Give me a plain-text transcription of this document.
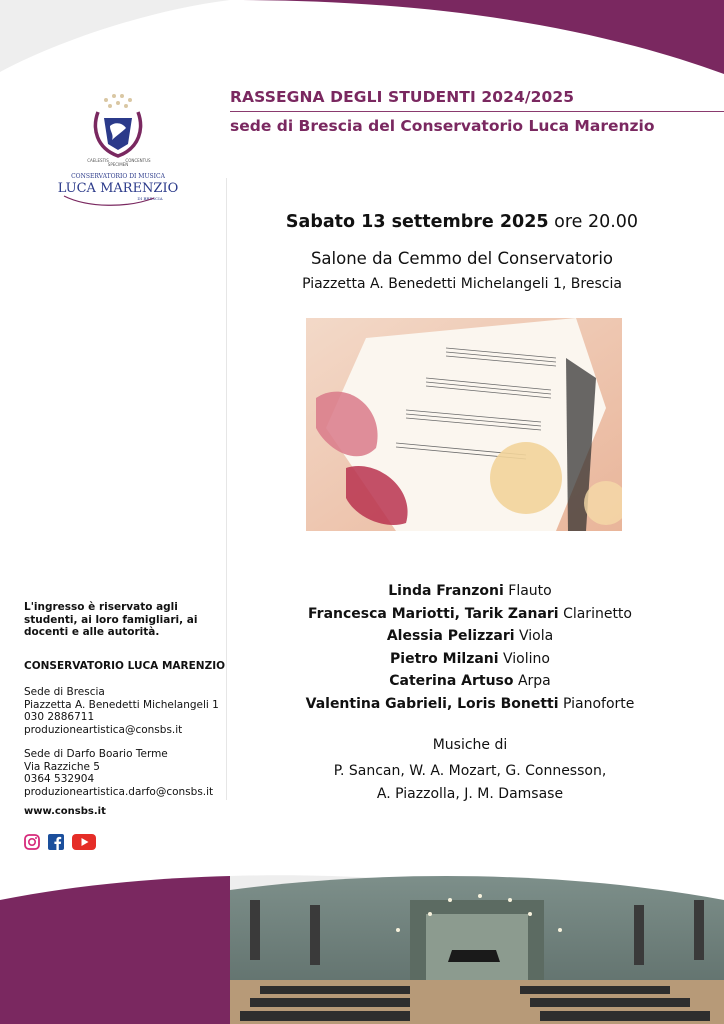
CAELESTIS
SPECIMEN
CONCENTUS
CONSERVATORIO DI MUSICA
LUCA MARENZIO
DI BRESCIA
RASSEGNA DEGLI STUDENTI 2024/2025
sede di Brescia del Conservatorio Luca Marenzio
Sabato 13 settembre 2025 ore 20.00
Salone da Cemmo del Conservatorio
Piazzetta A. Benedetti Michelangeli 1, Brescia
Linda Franzoni Flauto
Francesca Mariotti, Tarik Zanari Clarinetto
Alessia Pelizzari Viola
Pietro Milzani Violino
Caterina Artuso Arpa
Valentina Gabrieli, Loris Bonetti Pianoforte
Musiche di
P. Sancan, W. A. Mozart, G. Connesson,
A. Piazzolla, J. M. Damsase
L'ingresso è riservato agli studenti, ai loro famigliari, ai docenti e alle autorità.
CONSERVATORIO LUCA MARENZIO
Sede di Brescia
Piazzetta A. Benedetti Michelangeli 1
030 2886711
produzioneartistica@consbs.it
Sede di Darfo Boario Terme
Via Razziche 5
0364 532904
produzioneartistica.darfo@consbs.it
www.consbs.it
